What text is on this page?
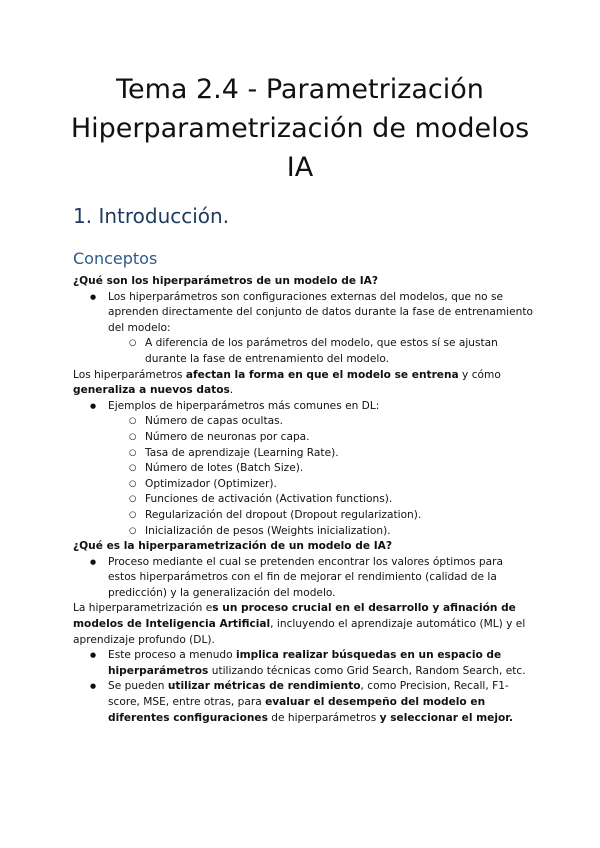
Tema 2.4 - Parametrización
Hiperparametrización de modelos
IA
1. Introducción.
Conceptos

¿Qué son los hiperparámetros de un modelo de IA?

● Los hiperparámetros son configuraciones externas del modelos, que no se aprenden directamente del conjunto de datos durante la fase de entrenamiento del modelo:
○ A diferencia de los parámetros del modelo, que estos sí se ajustan durante la fase de entrenamiento del modelo.

Los hiperparámetros afectan la forma en que el modelo se entrena y cómo generaliza a nuevos datos.

● Ejemplos de hiperparámetros más comunes en DL:
○ Número de capas ocultas.
○ Número de neuronas por capa.
○ Tasa de aprendizaje (Learning Rate).
○ Número de lotes (Batch Size).
○ Optimizador (Optimizer).
○ Funciones de activación (Activation functions).
○ Regularización del dropout (Dropout regularization).
○ Inicialización de pesos (Weights inicialization).

¿Qué es la hiperparametrización de un modelo de IA?

● Proceso mediante el cual se pretenden encontrar los valores óptimos para estos hiperparámetros con el fin de mejorar el rendimiento (calidad de la predicción) y la generalización del modelo.

La hiperparametrización es un proceso crucial en el desarrollo y afinación de modelos de Inteligencia Artificial, incluyendo el aprendizaje automático (ML) y el

aprendizaje profundo (DL).

● Este proceso a menudo implica realizar búsquedas en un espacio de hiperparámetros utilizando técnicas como Grid Search, Random Search, etc.
● Se pueden utilizar métricas de rendimiento, como Precision, Recall, F1-score, MSE, entre otras, para evaluar el desempeño del modelo en diferentes configuraciones de hiperparámetros y seleccionar el mejor.
